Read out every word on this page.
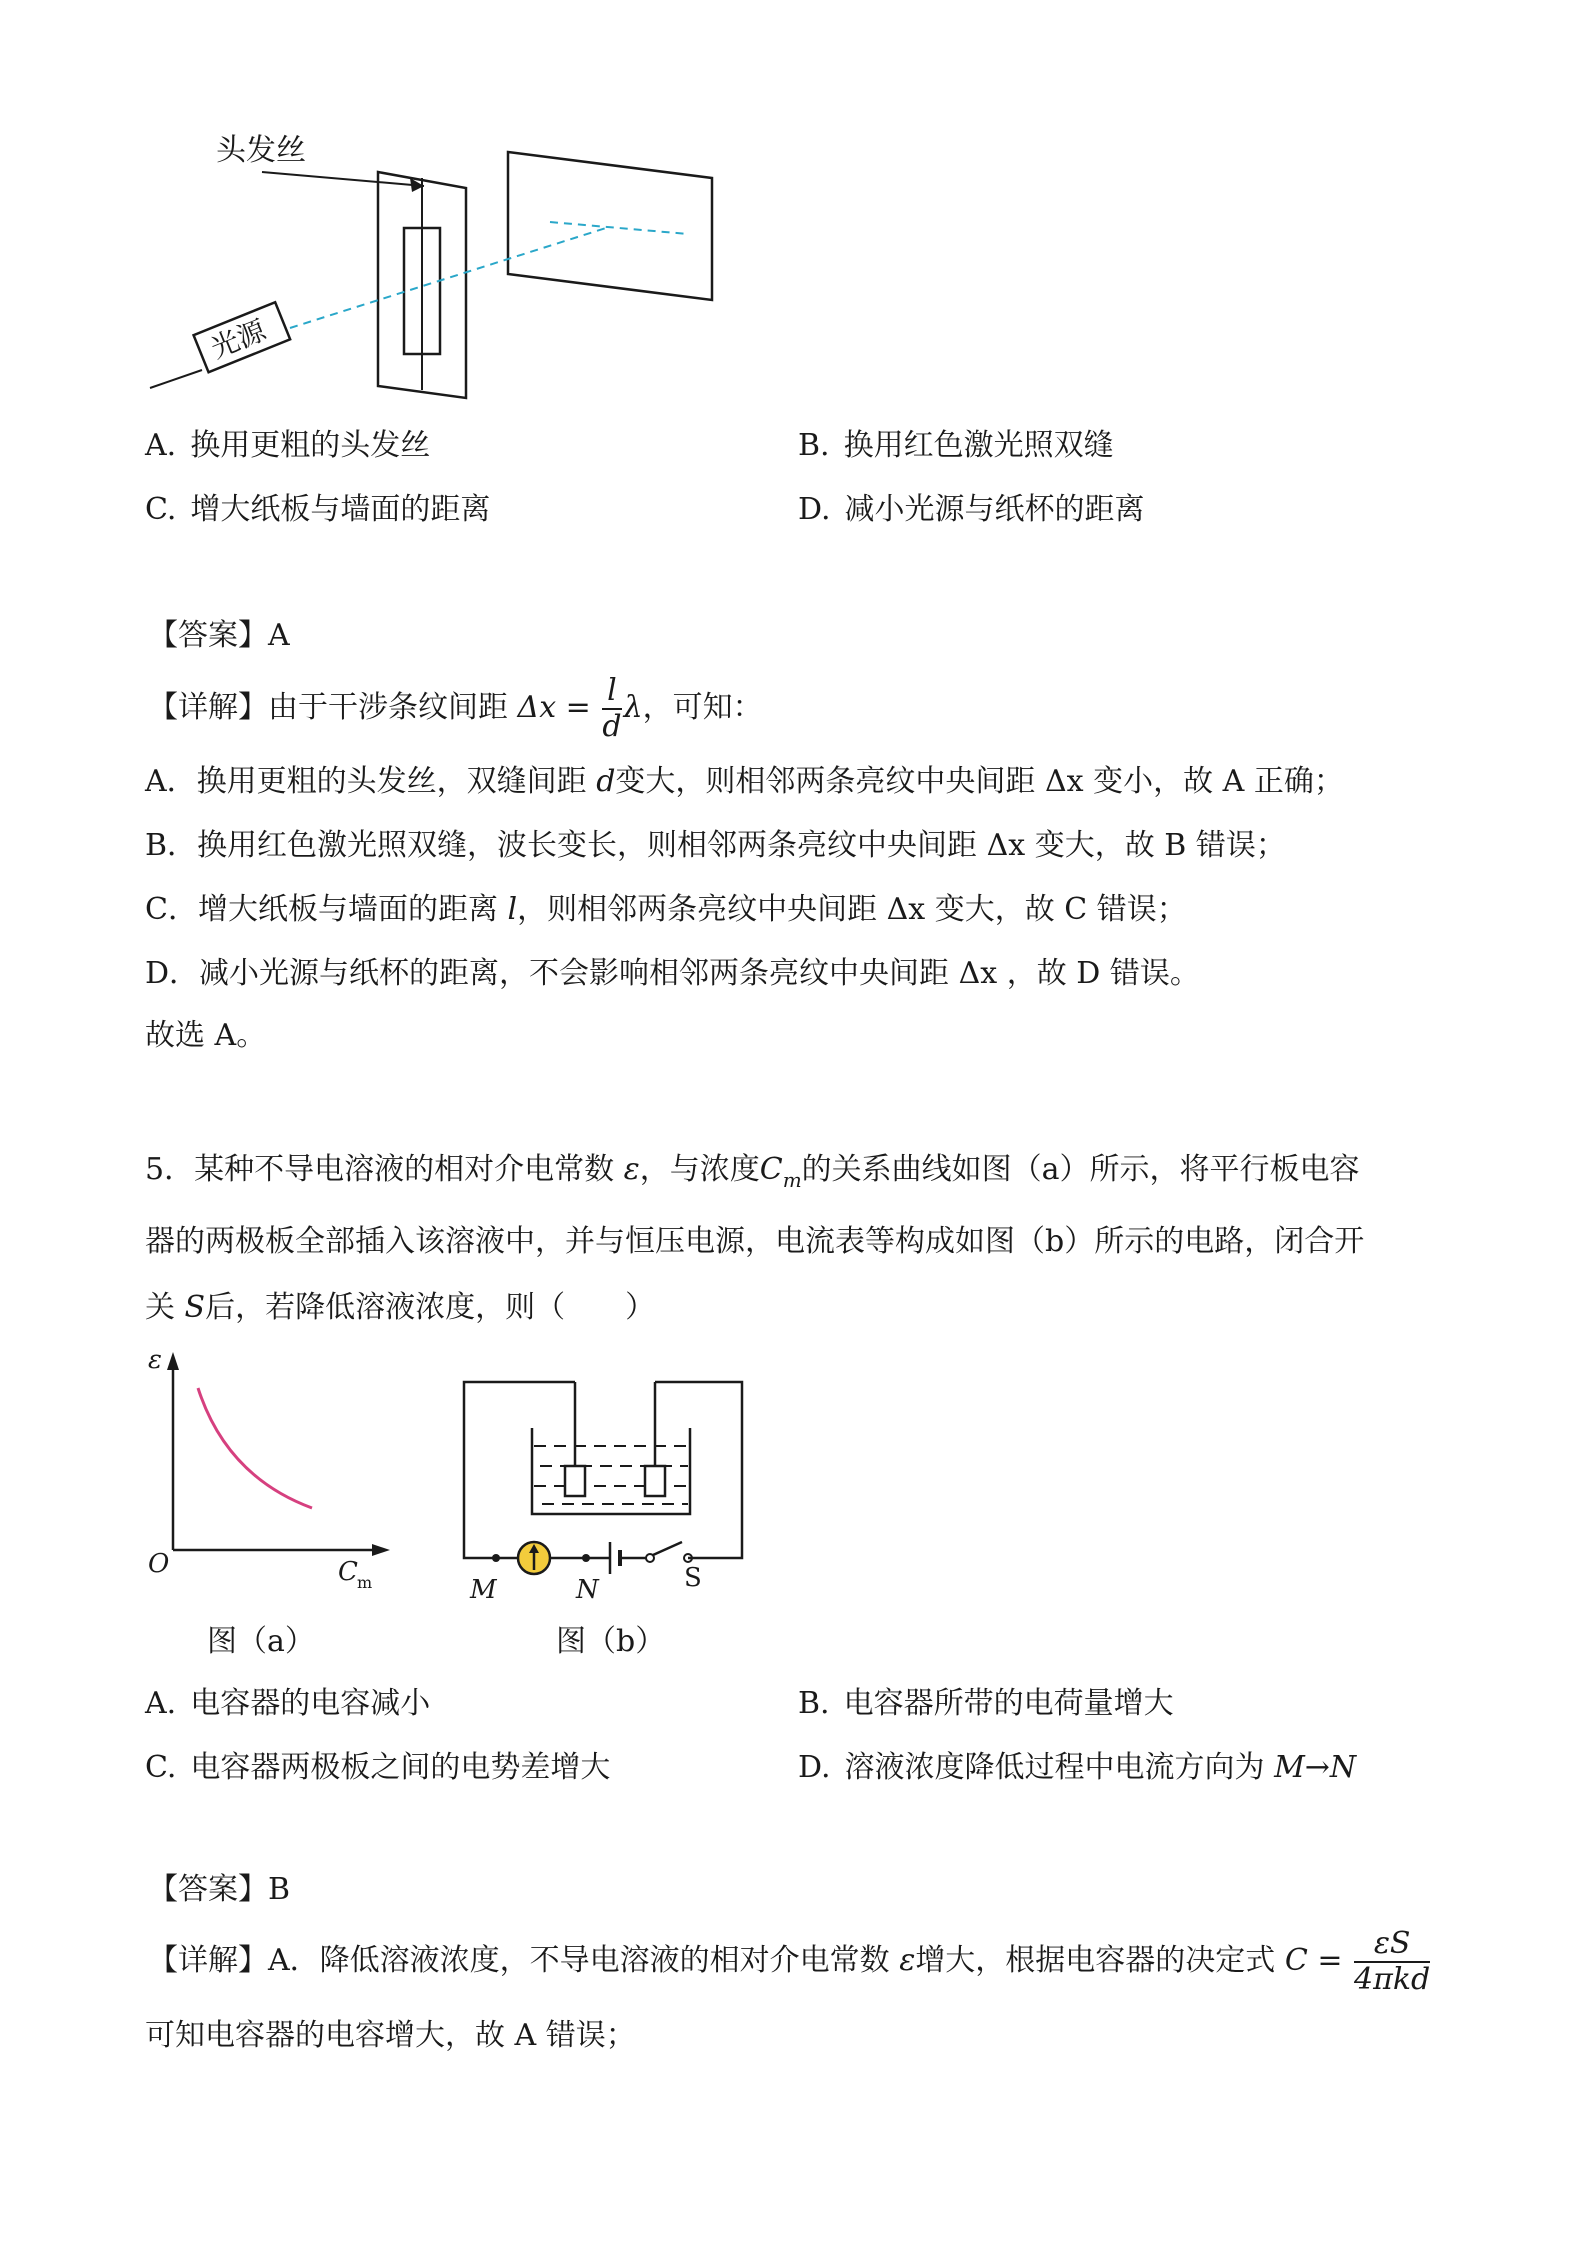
头发丝
光源
A. 换用更粗的头发丝	B. 换用红色激光照双缝
C. 增大纸板与墙面的距离	D. 减小光源与纸杯的距离
【答案】A
【详解】由于干涉条纹间距 $\Delta x = \frac{l}{d}$ λ，可知：
A．换用更粗的头发丝，双缝间距 d变大，则相邻两条亮纹中央间距 Δx 变小，故 A 正确；
B．换用红色激光照双缝，波长变长，则相邻两条亮纹中央间距 Δx 变大，故 B 错误；
C．增大纸板与墙面的距离 l，则相邻两条亮纹中央间距 Δx 变大，故 C 错误；
D．减小光源与纸杯的距离，不会影响相邻两条亮纹中央间距 Δx ，故 D 错误。
故选 A。
5．某种不导电溶液的相对介电常数 ε，与浓度$C_m$的关系曲线如图（a）所示，将平行板电容
器的两极板全部插入该溶液中，并与恒压电源，电流表等构成如图（b）所示的电路，闭合开
关 S后，若降低溶液浓度，则（　　）
ε
O	C m	M	N	S
图（a）	图（b）
A. 电容器的电容减小	B. 电容器所带的电荷量增大
C. 电容器两极板之间的电势差增大	D. 溶液浓度降低过程中电流方向为 M→N
【答案】B
【详解】A．降低溶液浓度，不导电溶液的相对介电常数 ε增大，根据电容器的决定式 $C = \frac{\varepsilon S}{\text{4πkd}}$
可知电容器的电容增大，故 A 错误；
